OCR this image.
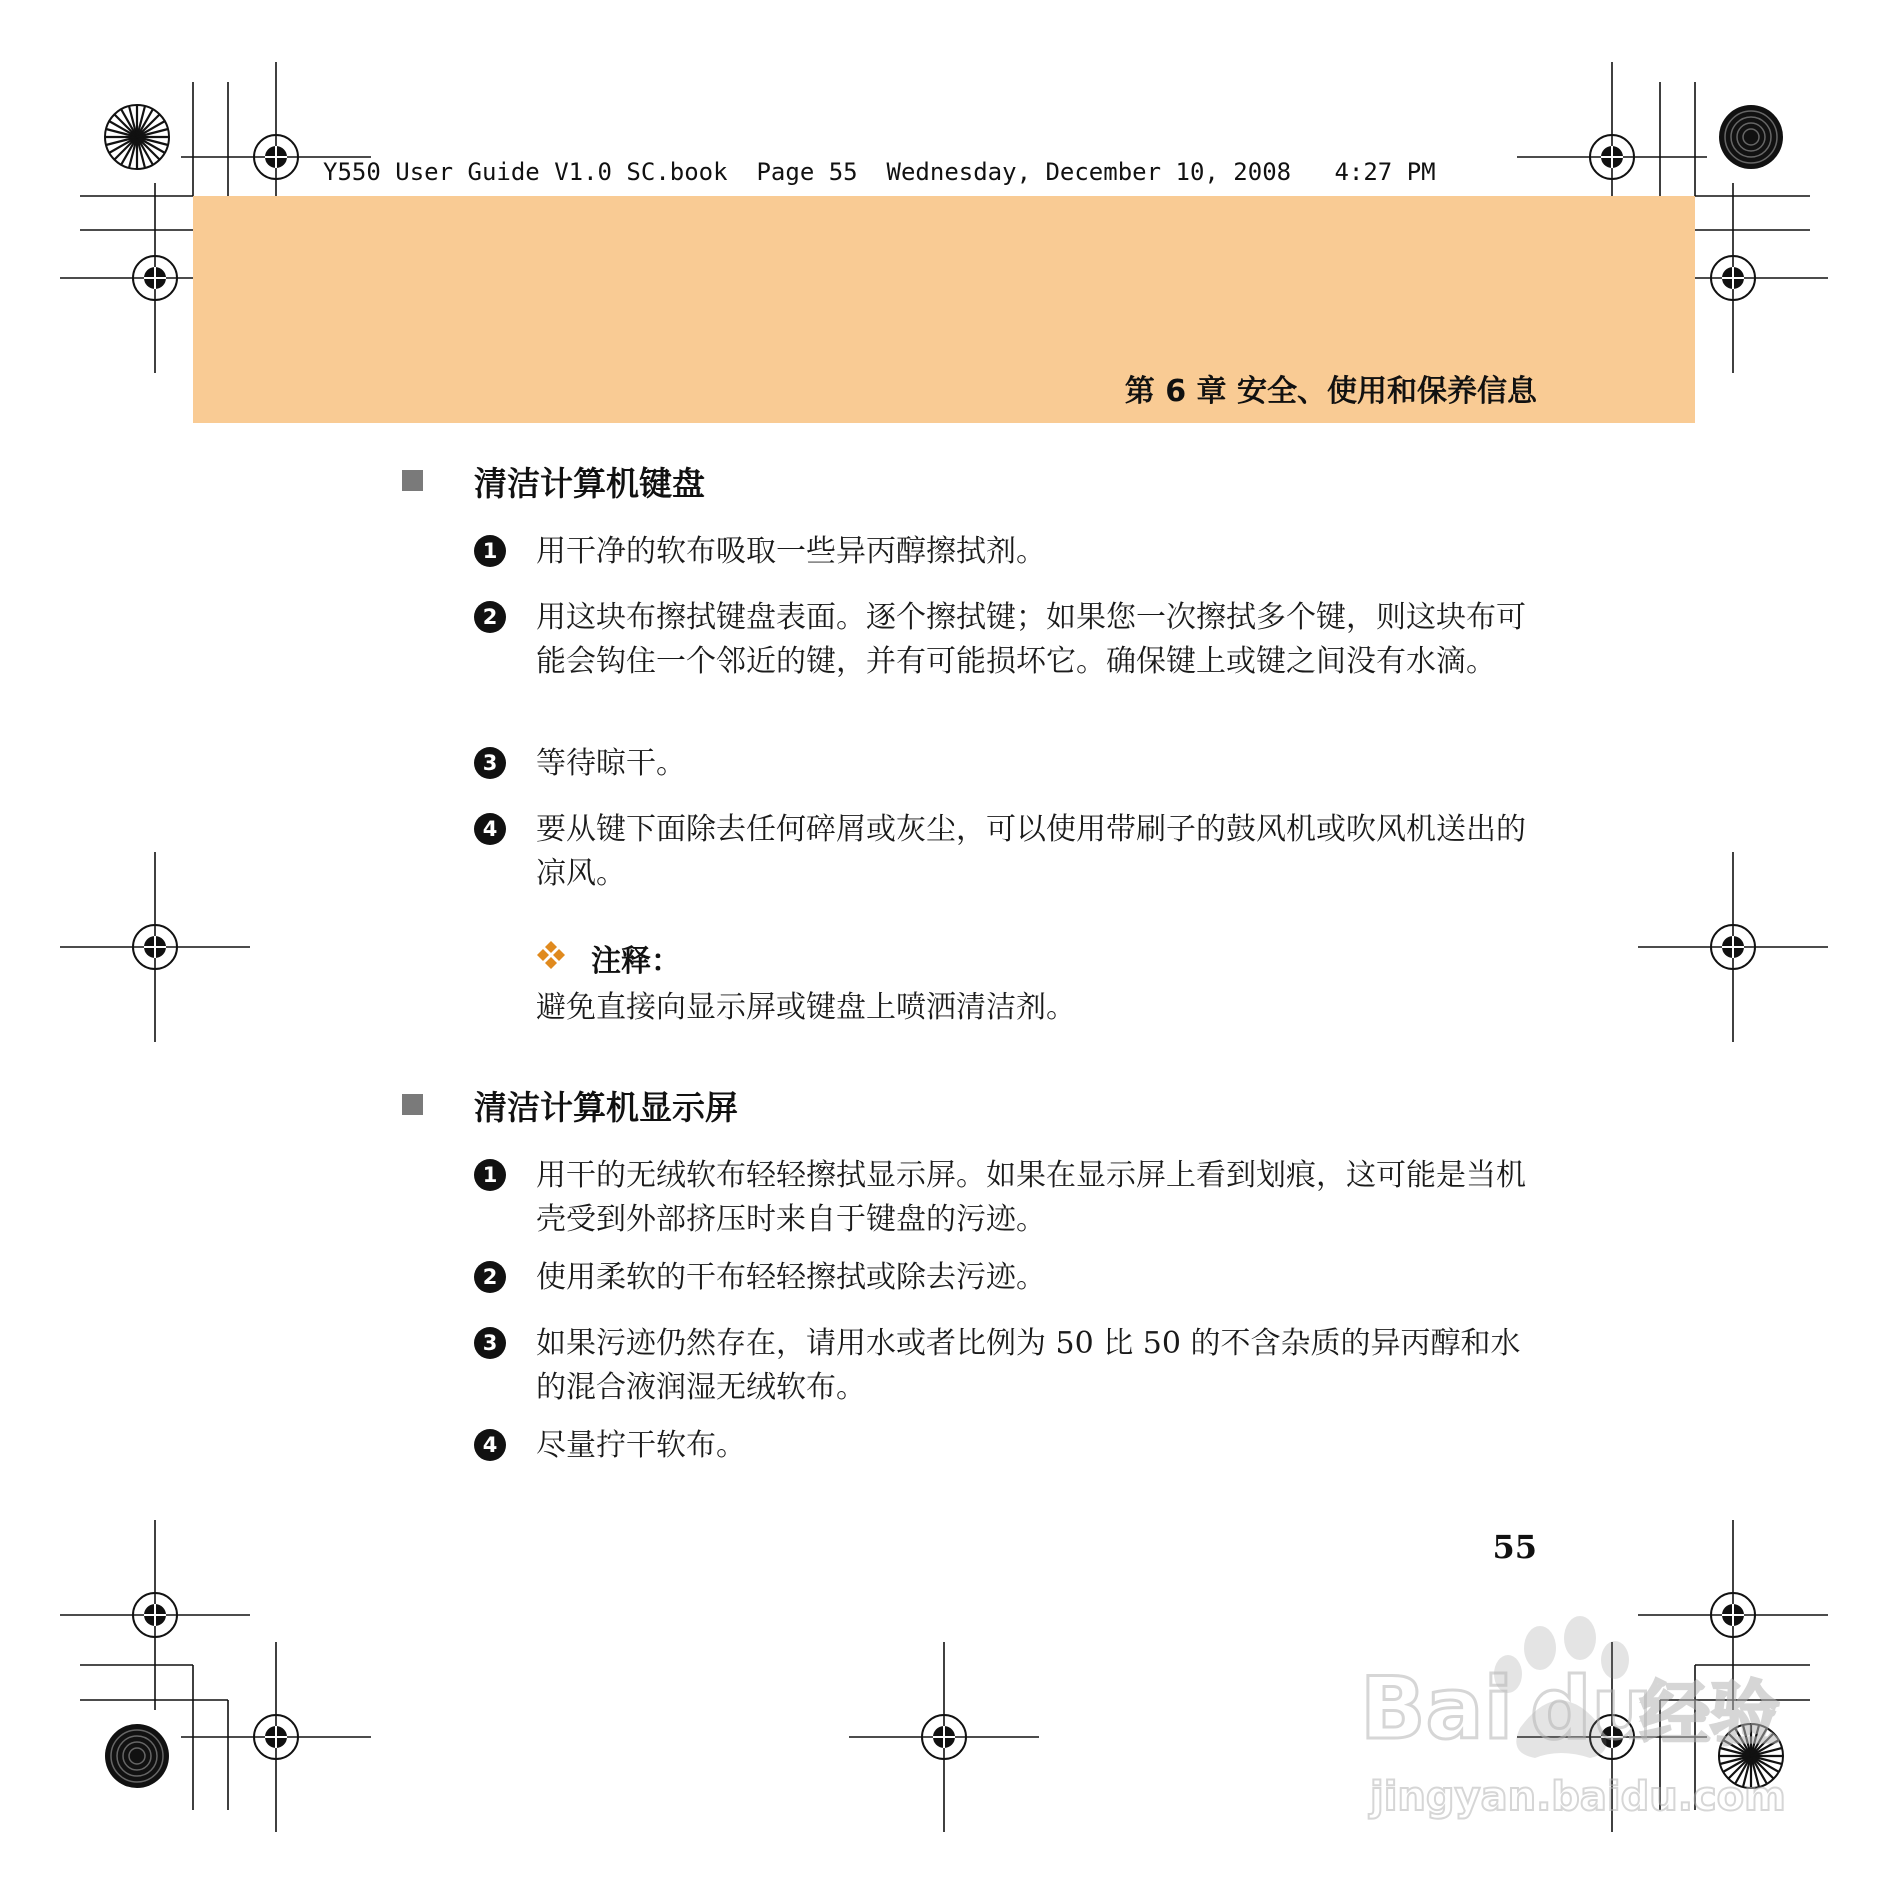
Y550 User Guide V1.0 SC.book  Page 55  Wednesday, December 10, 2008   4:27 PM
第 6 章 安全、使用和保养信息
清洁计算机键盘
1 用干净的软布吸取一些异丙醇擦拭剂。
2 用这块布擦拭键盘表面。逐个擦拭键；如果您一次擦拭多个键，则这块布可能会钩住一个邻近的键，并有可能损坏它。确保键上或键之间没有水滴。
3 等待晾干。
4 要从键下面除去任何碎屑或灰尘，可以使用带刷子的鼓风机或吹风机送出的凉风。
注释：
避免直接向显示屏或键盘上喷洒清洁剂。
清洁计算机显示屏
1 用干的无绒软布轻轻擦拭显示屏。如果在显示屏上看到划痕，这可能是当机壳受到外部挤压时来自于键盘的污迹。
2 使用柔软的干布轻轻擦拭或除去污迹。
3 如果污迹仍然存在，请用水或者比例为 50 比 50 的不含杂质的异丙醇和水的混合液润湿无绒软布。
4 尽量拧干软布。
55
Bai du
经验
jingyan.baidu.com
